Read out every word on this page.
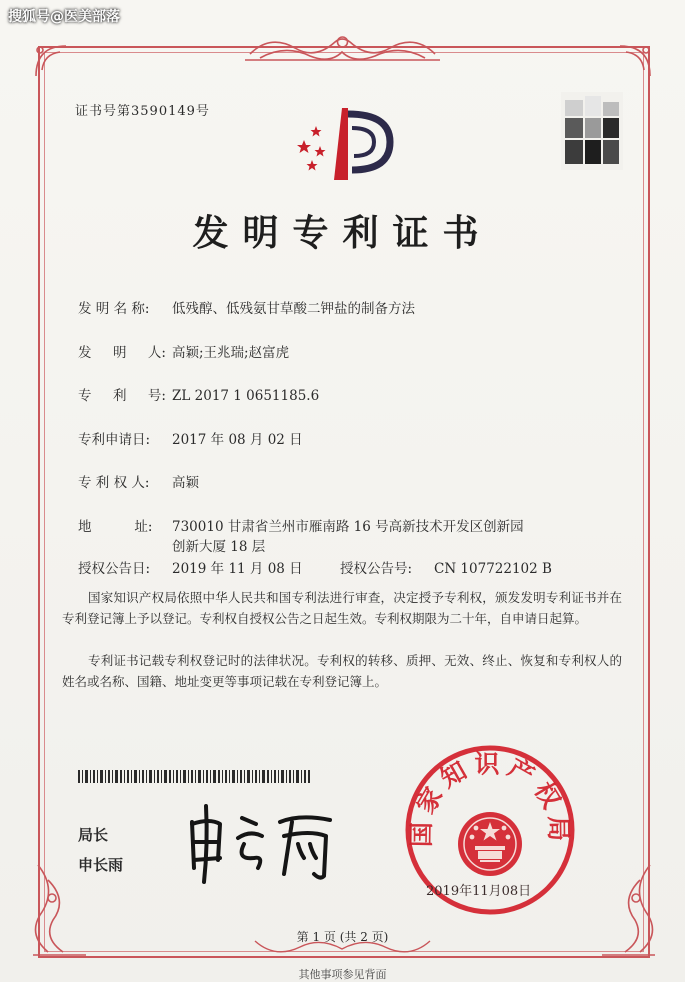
搜狐号@医美部落
证书号第3590149号
发明专利证书
发 明 名 称: 低残醇、低残氨甘草酸二钾盐的制备方法
发     明     人: 高颖;王兆瑞;赵富虎
专     利     号: ZL 2017 1 0651185.6
专利申请日: 2017 年 08 月 02 日
专 利 权 人: 高颖
地          址: 730010 甘肃省兰州市雁南路 16 号高新技术开发区创新园
创新大厦 18 层
授权公告日: 2019 年 11 月 08 日	授权公告号: CN 107722102 B
国家知识产权局依照中华人民共和国专利法进行审查，决定授予专利权，颁发发明专利证书并在专利登记簿上予以登记。专利权自授权公告之日起生效。专利权期限为二十年，自申请日起算。
专利证书记载专利权登记时的法律状况。专利权的转移、质押、无效、终止、恢复和专利权人的姓名或名称、国籍、地址变更等事项记载在专利登记簿上。
局长
申长雨
国家知识产权局
2019年11月08日
第 1 页 (共 2 页)
其他事项参见背面
